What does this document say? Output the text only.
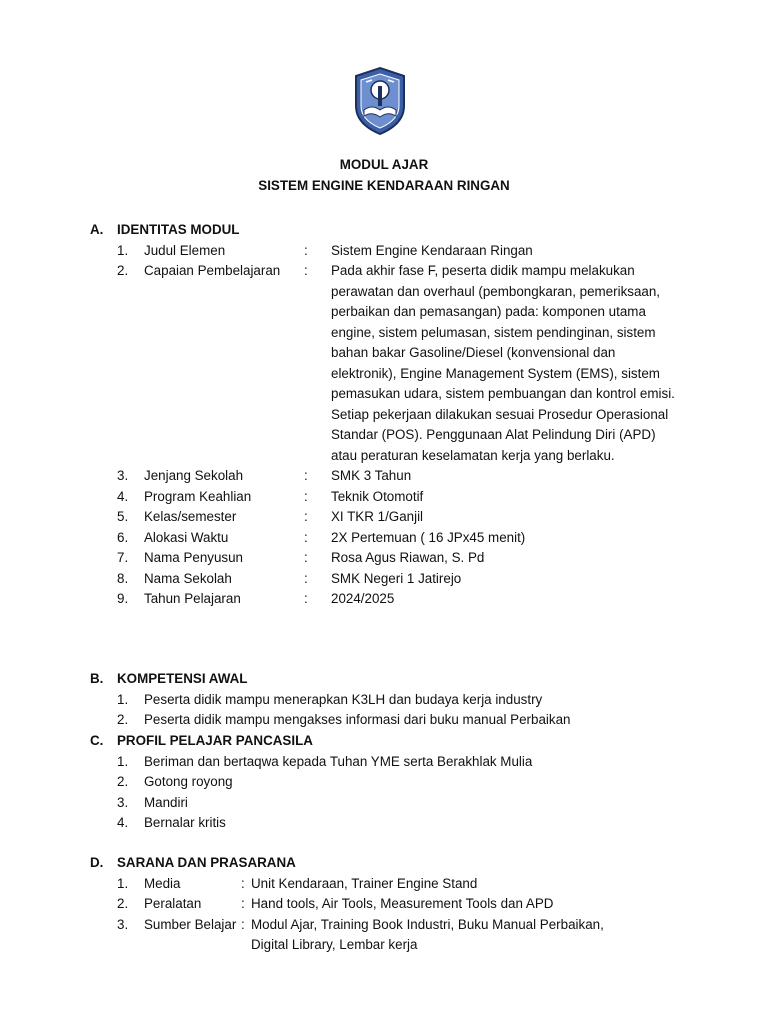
MODUL AJAR
SISTEM ENGINE KENDARAAN RINGAN
A. IDENTITAS MODUL
1.	Judul Elemen	:	Sistem Engine Kendaraan Ringan
2.	Capaian Pembelajaran	:	Pada akhir fase F, peserta didik mampu melakukan perawatan dan overhaul (pembongkaran, pemeriksaan, perbaikan dan pemasangan) pada: komponen utama engine, sistem pelumasan, sistem pendinginan, sistem bahan bakar Gasoline/Diesel (konvensional dan elektronik), Engine Management System (EMS), sistem pemasukan udara, sistem pembuangan dan kontrol emisi. Setiap pekerjaan dilakukan sesuai Prosedur Operasional Standar (POS). Penggunaan Alat Pelindung Diri (APD) atau peraturan keselamatan kerja yang berlaku.
3.	Jenjang Sekolah	:	SMK 3 Tahun
4.	Program Keahlian	:	Teknik Otomotif
5.	Kelas/semester	:	XI TKR 1/Ganjil
6.	Alokasi Waktu	:	2X Pertemuan ( 16 JPx45 menit)
7.	Nama Penyusun	:	Rosa Agus Riawan, S. Pd
8.	Nama Sekolah	:	SMK Negeri 1 Jatirejo
9.	Tahun Pelajaran	:	2024/2025
B. KOMPETENSI AWAL
1.	Peserta didik mampu menerapkan K3LH dan budaya kerja industry
2.	Peserta didik mampu mengakses informasi dari buku manual Perbaikan
C. PROFIL PELAJAR PANCASILA
1.	Beriman dan bertaqwa kepada Tuhan YME serta Berakhlak Mulia
2.	Gotong royong
3.	Mandiri
4.	Bernalar kritis
D. SARANA DAN PRASARANA
1.	Media	: Unit Kendaraan, Trainer Engine Stand
2.	Peralatan	: Hand tools, Air Tools, Measurement Tools dan APD
3.	Sumber Belajar : Modul Ajar, Training Book Industri, Buku Manual Perbaikan, Digital Library, Lembar kerja
